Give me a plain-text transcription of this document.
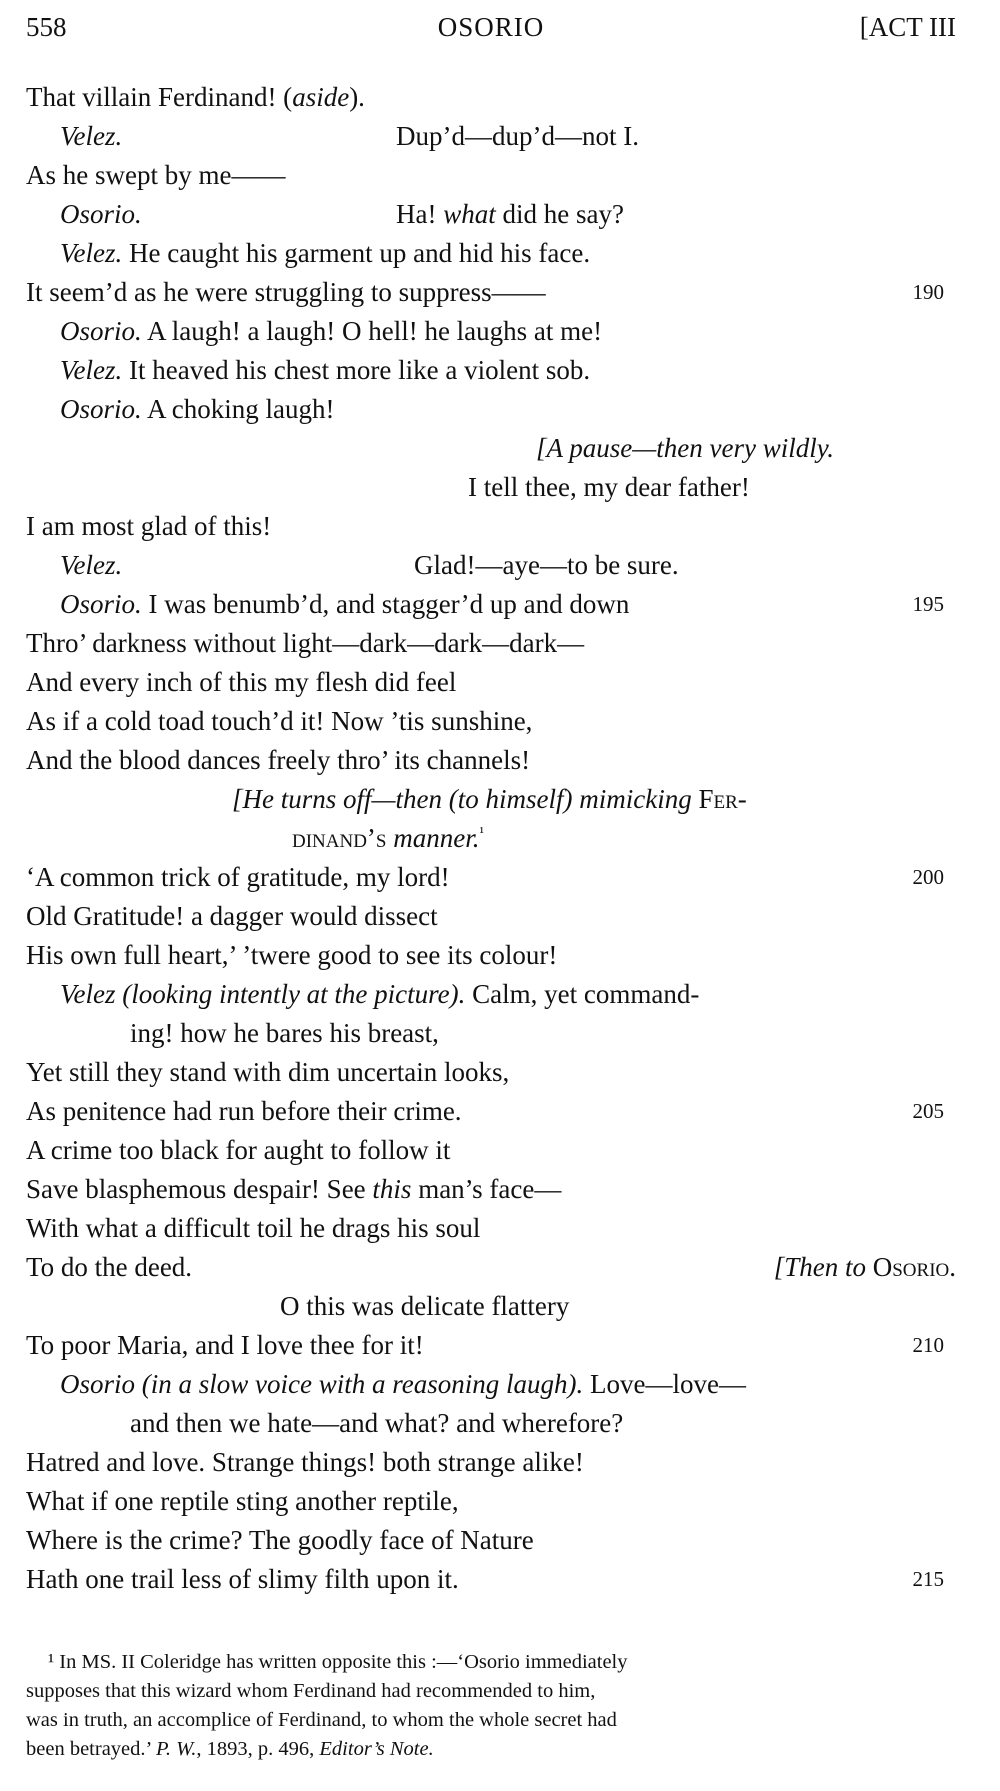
558	OSORIO	[ACT III
That villain Ferdinand! (aside).
Velez.	Dup’d—dup’d—not I.
As he swept by me——
Osorio.	Ha! what did he say?
Velez. He caught his garment up and hid his face.
It seem’d as he were struggling to suppress——	190
Osorio. A laugh! a laugh! O hell! he laughs at me!
Velez. It heaved his chest more like a violent sob.
Osorio. A choking laugh!
[A pause—then very wildly.
I tell thee, my dear father!
I am most glad of this!
Velez.	Glad!—aye—to be sure.
Osorio. I was benumb’d, and stagger’d up and down	195
Thro’ darkness without light—dark—dark—dark—
And every inch of this my flesh did feel
As if a cold toad touch’d it! Now ’tis sunshine,
And the blood dances freely thro’ its channels!
[He turns off—then (to himself) mimicking Fer-
dinand’s manner.$^{^1}$
‘A common trick of gratitude, my lord!	200
Old Gratitude! a dagger would dissect
His own full heart,’ ’twere good to see its colour!
Velez (looking intently at the picture). Calm, yet command-
ing! how he bares his breast,
Yet still they stand with dim uncertain looks,
As penitence had run before their crime.	205
A crime too black for aught to follow it
Save blasphemous despair! See this man’s face—
With what a difficult toil he drags his soul
To do the deed.	[Then to Osorio.
O this was delicate flattery
To poor Maria, and I love thee for it!	210
Osorio (in a slow voice with a reasoning laugh). Love—love—
and then we hate—and what? and wherefore?
Hatred and love. Strange things! both strange alike!
What if one reptile sting another reptile,
Where is the crime? The goodly face of Nature
Hath one trail less of slimy filth upon it.	215
¹ In MS. II Coleridge has written opposite this :—‘Osorio immediately
supposes that this wizard whom Ferdinand had recommended to him,
was in truth, an accomplice of Ferdinand, to whom the whole secret had
been betrayed.’ P. W., 1893, p. 496, Editor’s Note.
